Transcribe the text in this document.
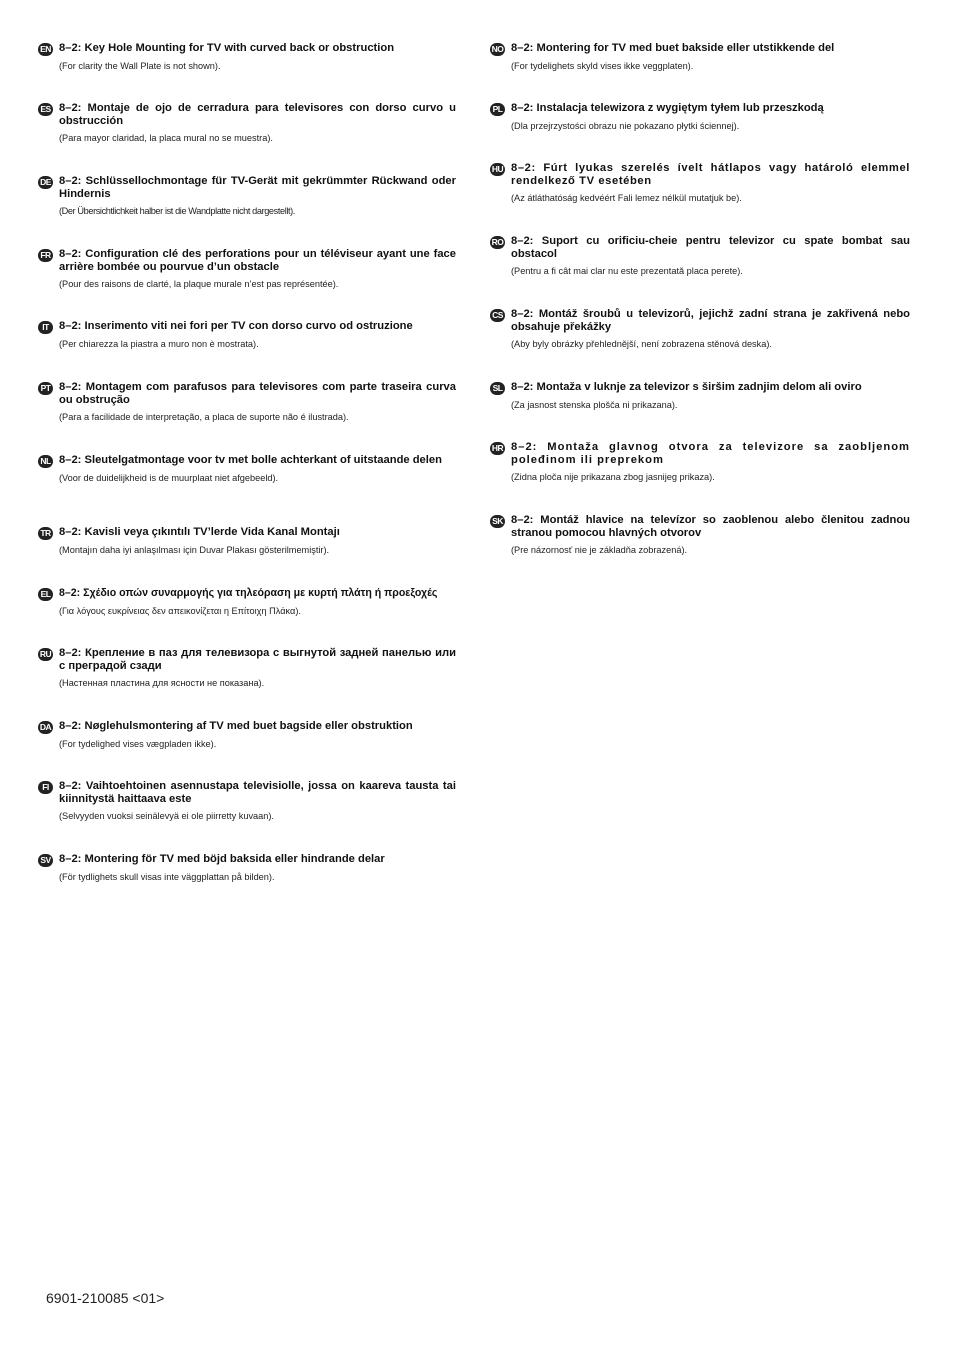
EN 8–2: Key Hole Mounting for TV with curved back or obstruction
(For clarity the Wall Plate is not shown).
ES 8–2: Montaje de ojo de cerradura para televisores con dorso curvo u obstrucción
(Para mayor claridad, la placa mural no se muestra).
DE 8–2: Schlüssellochmontage für TV-Gerät mit gekrümmter Rückwand oder Hindernis
(Der Übersichtlichkeit halber ist die Wandplatte nicht dargestellt).
FR 8–2: Configuration clé des perforations pour un téléviseur ayant une face arrière bombée ou pourvue d’un obstacle
(Pour des raisons de clarté, la plaque murale n’est pas représentée).
IT 8–2: Inserimento viti nei fori per TV con dorso curvo od ostruzione
(Per chiarezza la piastra a muro non è mostrata).
PT 8–2: Montagem com parafusos para televisores com parte traseira curva ou obstrução
(Para a facilidade de interpretação, a placa de suporte não é ilustrada).
NL 8–2: Sleutelgatmontage voor tv met bolle achterkant of uitstaande delen
(Voor de duidelijkheid is de muurplaat niet afgebeeld).
TR 8–2: Kavisli veya çıkıntılı TV’lerde Vida Kanal Montajı
(Montajın daha iyi anlaşılması için Duvar Plakası gösterilmemiştir).
EL 8–2: Σχέδιο οπών συναρμογής για τηλεόραση με κυρτή πλάτη ή προεξοχές
(Για λόγους ευκρίνειας δεν απεικονίζεται η Επίτοιχη Πλάκα).
RU 8–2: Крепление в паз для телевизора с выгнутой задней панелью или с преградой сзади
(Настенная пластина для ясности не показана).
DA 8–2: Nøglehulsmontering af TV med buet bagside eller obstruktion
(For tydelighed vises vægpladen ikke).
FI 8–2: Vaihtoehtoinen asennustapa televisiolle, jossa on kaareva tausta tai kiinnitystä haittaava este
(Selvyyden vuoksi seinälevyä ei ole piirretty kuvaan).
SV 8–2: Montering för TV med böjd baksida eller hindrande delar
(För tydlighets skull visas inte väggplattan på bilden).
NO 8–2: Montering for TV med buet bakside eller utstikkende del
(For tydelighets skyld vises ikke veggplaten).
PL 8–2: Instalacja telewizora z wygiętym tyłem lub przeszkodą
(Dla przejrzystości obrazu nie pokazano płytki ściennej).
HU 8–2: Fúrt lyukas szerelés ívelt hátlapos vagy határoló elemmel rendelkező TV esetében
(Az átláthatóság kedvéért Fali lemez nélkül mutatjuk be).
RO 8–2: Suport cu orificiu-cheie pentru televizor cu spate bombat sau obstacol
(Pentru a fi cât mai clar nu este prezentată placa perete).
CS 8–2: Montáž šroubů u televizorů, jejichž zadní strana je zakřivená nebo obsahuje překážky
(Aby byly obrázky přehlednější, není zobrazena stěnová deska).
SL 8–2: Montaža v luknje za televizor s širšim zadnjim delom ali oviro
(Za jasnost stenska plošča ni prikazana).
HR 8–2: Montaža glavnog otvora za televizore sa zaobljenom poleđinom ili preprekom
(Zidna ploča nije prikazana zbog jasnijeg prikaza).
SK 8–2: Montáž hlavice na televízor so zaoblenou alebo členitou zadnou stranou pomocou hlavných otvorov
(Pre názornosť nie je základňa zobrazená).
6901-210085 <01>
